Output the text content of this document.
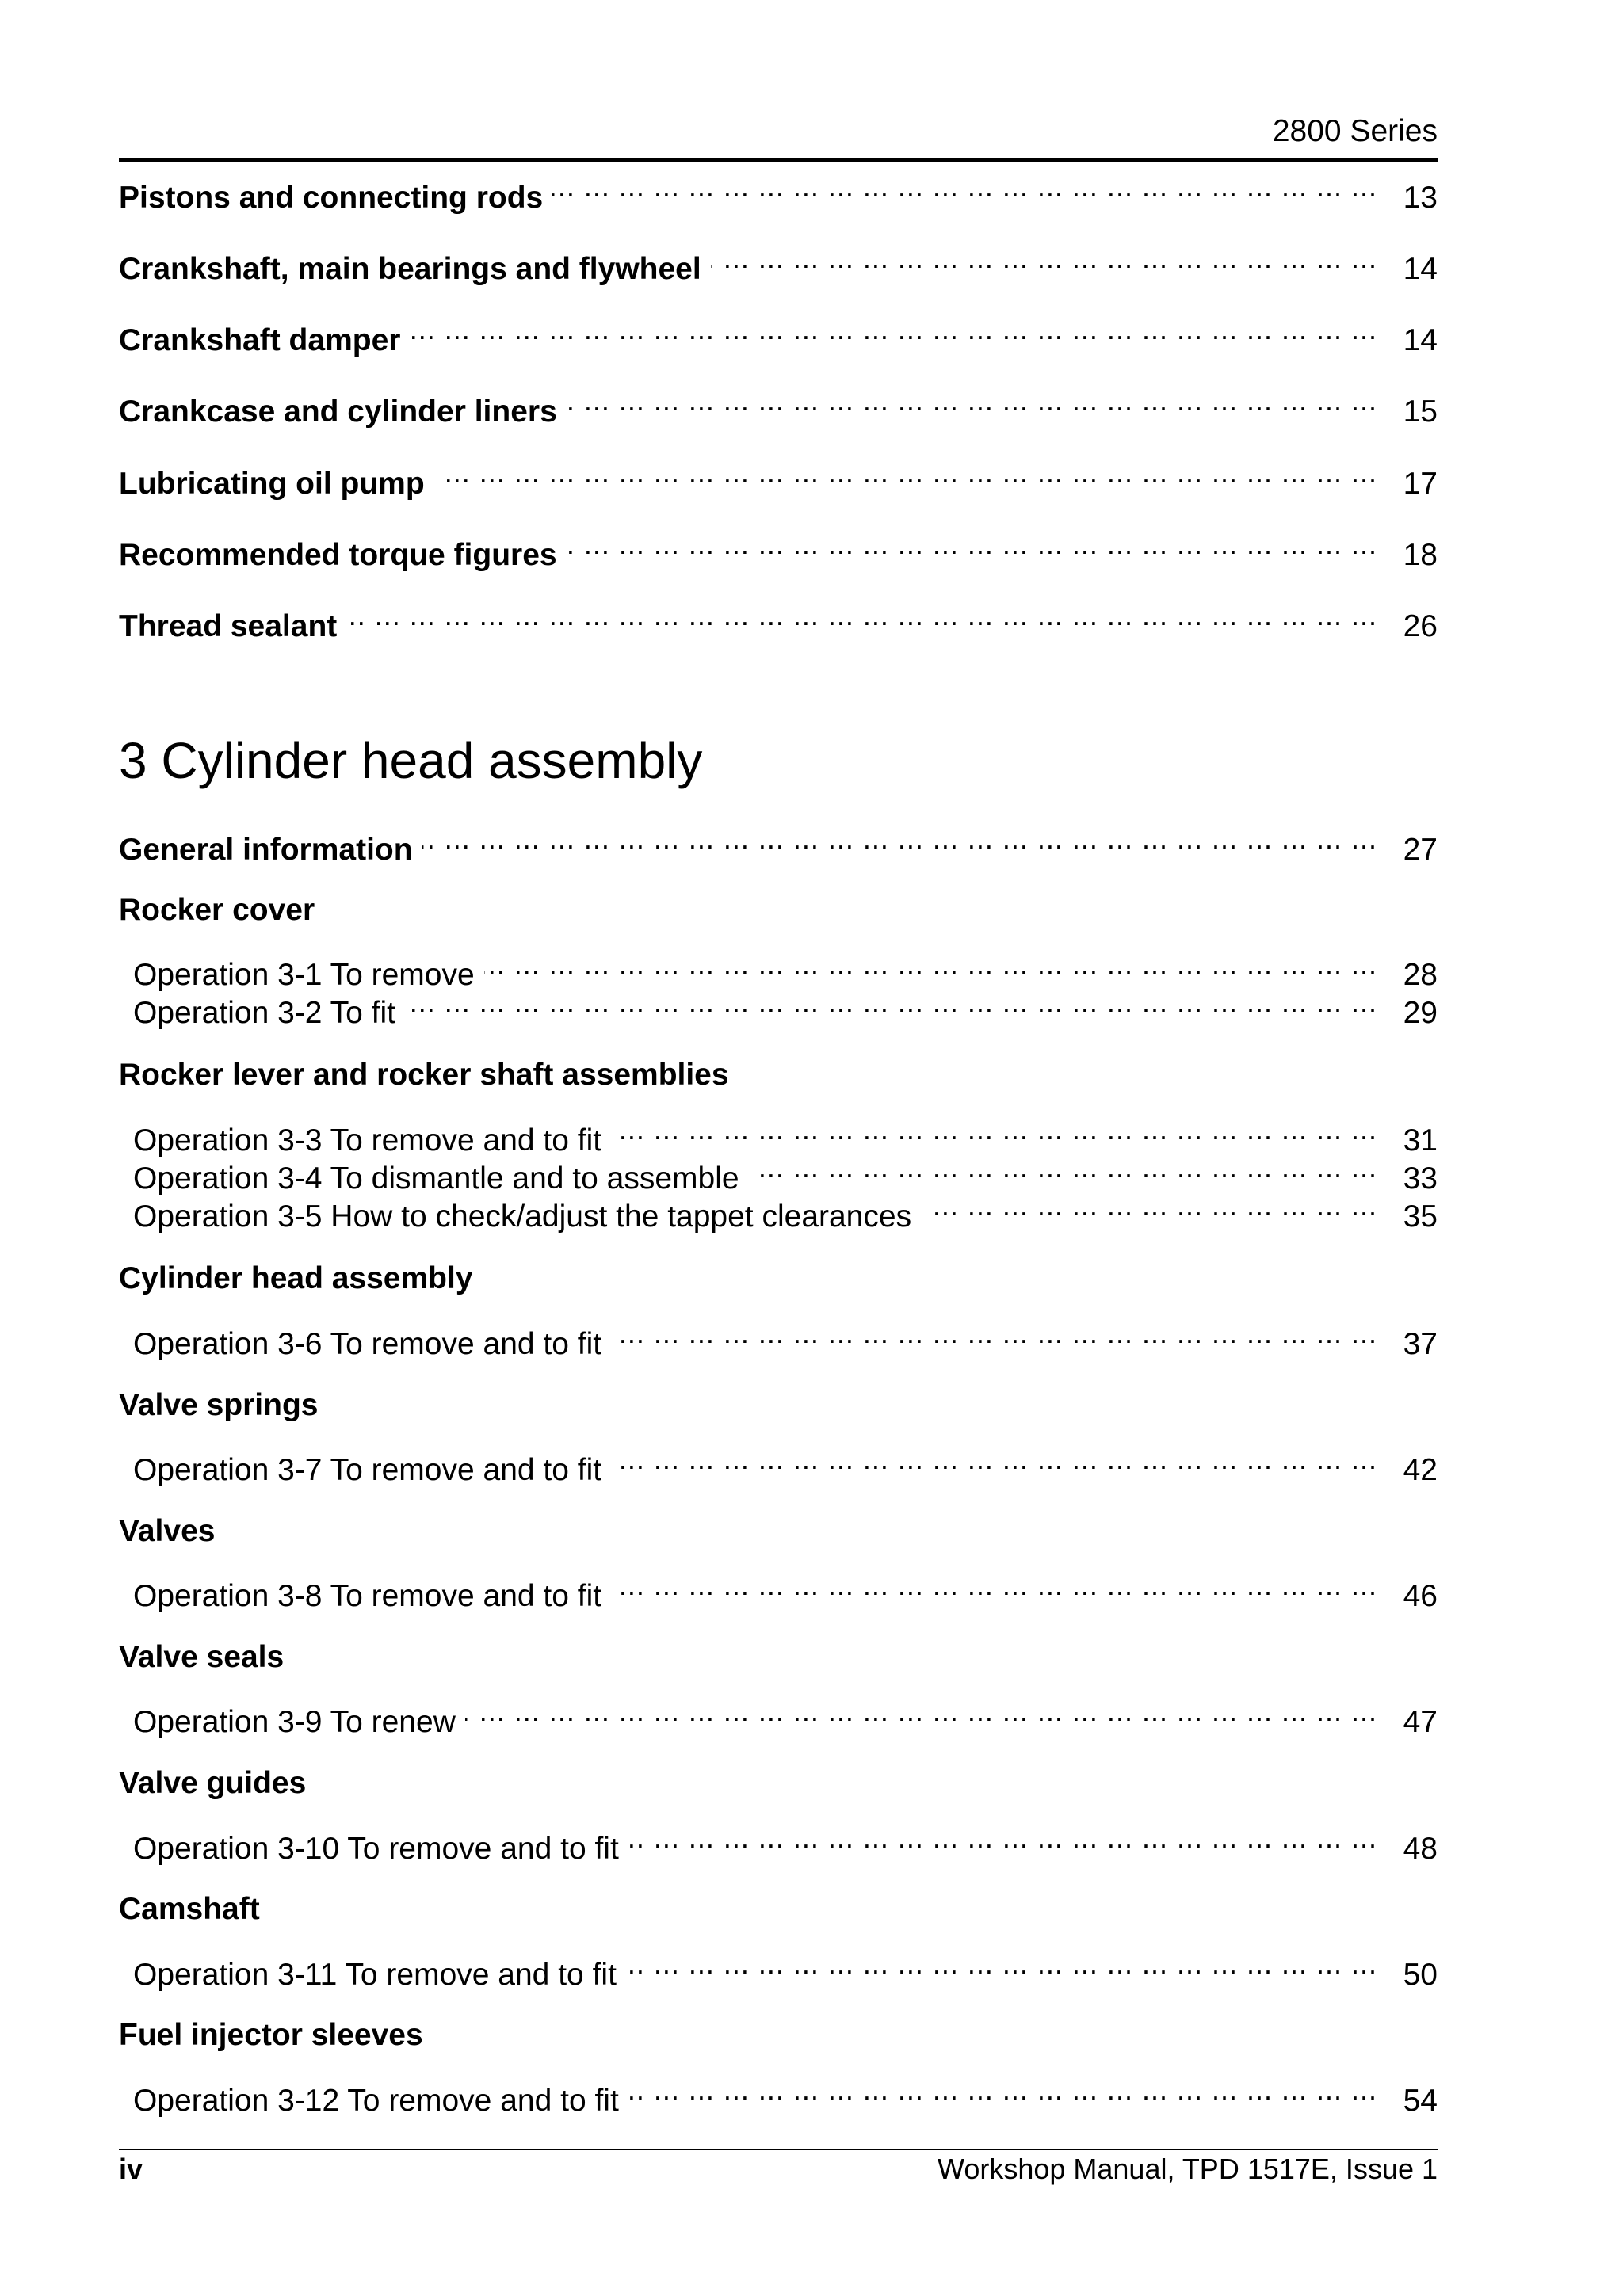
2800 Series
Pistons and connecting rods .. ..	13
Crankshaft, main bearings and flywheel .. ..	14
Crankshaft damper .. ..	14
Crankcase and cylinder liners .. ..	15
Lubricating oil pump .. ..	17
Recommended torque figures .. ..	18
Thread sealant .. ..	26
3 Cylinder head assembly
General information .. ..	27
Rocker cover
Operation 3-1 To remove .. ..	28
Operation 3-2 To fit .. ..	29
Rocker lever and rocker shaft assemblies
Operation 3-3 To remove and to fit .. ..	31
Operation 3-4 To dismantle and to assemble .. ..	33
Operation 3-5 How to check/adjust the tappet clearances .. ..	35
Cylinder head assembly
Operation 3-6 To remove and to fit .. ..	37
Valve springs
Operation 3-7 To remove and to fit .. ..	42
Valves
Operation 3-8 To remove and to fit .. ..	46
Valve seals
Operation 3-9 To renew .. ..	47
Valve guides
Operation 3-10 To remove and to fit .. ..	48
Camshaft
Operation 3-11 To remove and to fit .. ..	50
Fuel injector sleeves
Operation 3-12 To remove and to fit .. ..	54
iv	Workshop Manual, TPD 1517E, Issue 1
